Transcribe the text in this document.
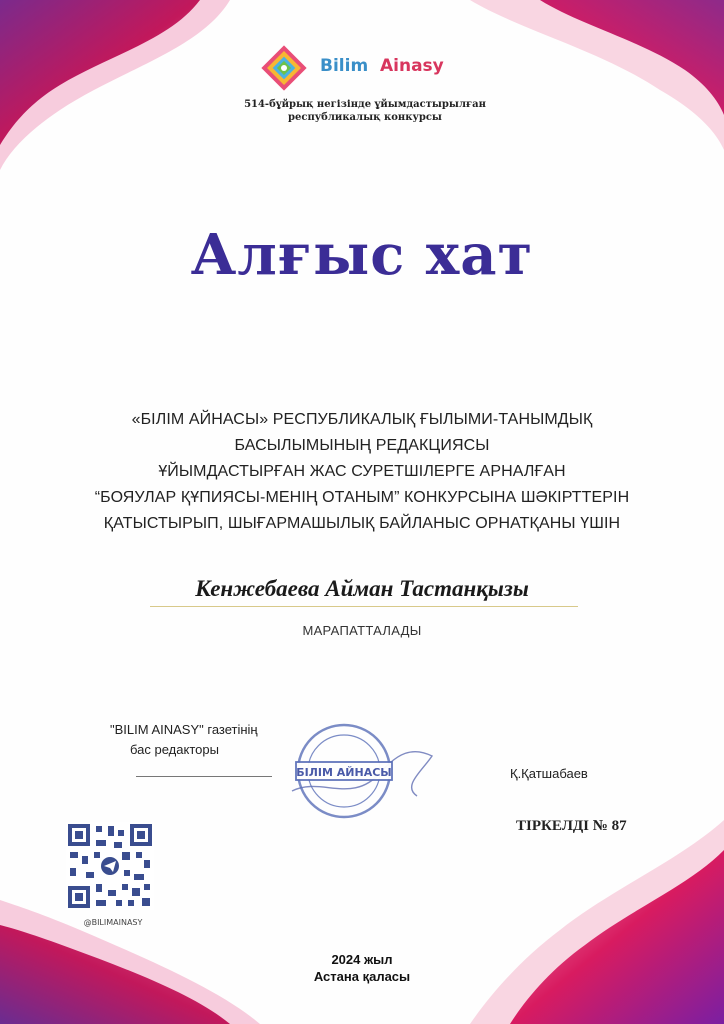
Bilim Ainasy
514-бұйрық негізінде ұйымдастырылған
республикалық конкурсы
Алғыс хат
«БІЛІМ АЙНАСЫ» РЕСПУБЛИКАЛЫҚ ҒЫЛЫМИ-ТАНЫМДЫҚ
БАСЫЛЫМЫНЫҢ РЕДАКЦИЯСЫ
ҰЙЫМДАСТЫРҒАН ЖАС СУРЕТШІЛЕРГЕ АРНАЛҒАН
“БОЯУЛАР ҚҰПИЯСЫ-МЕНІҢ ОТАНЫМ” КОНКУРСЫНА ШӘКІРТТЕРІН
ҚАТЫСТЫРЫП, ШЫҒАРМАШЫЛЫҚ БАЙЛАНЫС ОРНАТҚАНЫ ҮШІН
Кенжебаева Айман Тастанқызы
МАРАПАТТАЛАДЫ
"BILIM AINASY" газетінің
бас редакторы
БІЛІМ АЙНАСЫ	Қ.Қатшабаев
ТІРКЕЛДІ № 87
@BILIMAINASY
2024 жыл
Астана қаласы
